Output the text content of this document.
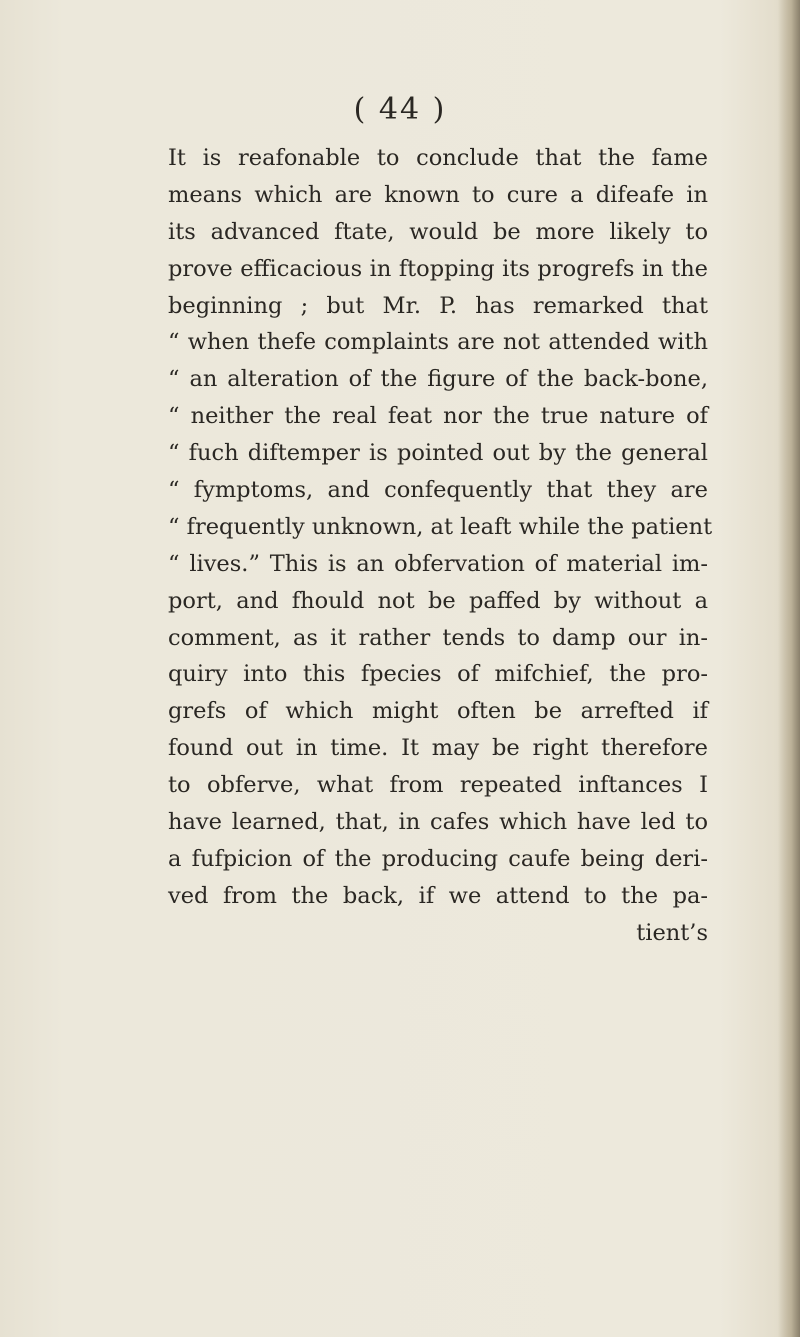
( 44 )
It is reafonable to conclude that the fame
means which are known to cure a difeafe in
its advanced ftate, would be more likely to
prove efficacious in ftopping its progrefs in the
beginning ; but Mr. P. has remarked that
“ when thefe complaints are not attended with
“ an alteration of the figure of the back-bone,
“ neither the real feat nor the true nature of
“ fuch diftemper is pointed out by the general
“ fymptoms, and confequently that they are
“ frequently unknown, at leaft while the patient
“ lives.” This is an obfervation of material im-
port, and fhould not be paffed by without a
comment, as it rather tends to damp our in-
quiry into this fpecies of mifchief, the pro-
grefs of which might often be arrefted if
found out in time. It may be right therefore
to obferve, what from repeated inftances I
have learned, that, in cafes which have led to
a fufpicion of the producing caufe being deri-
ved from the back, if we attend to the pa-
tient’s
